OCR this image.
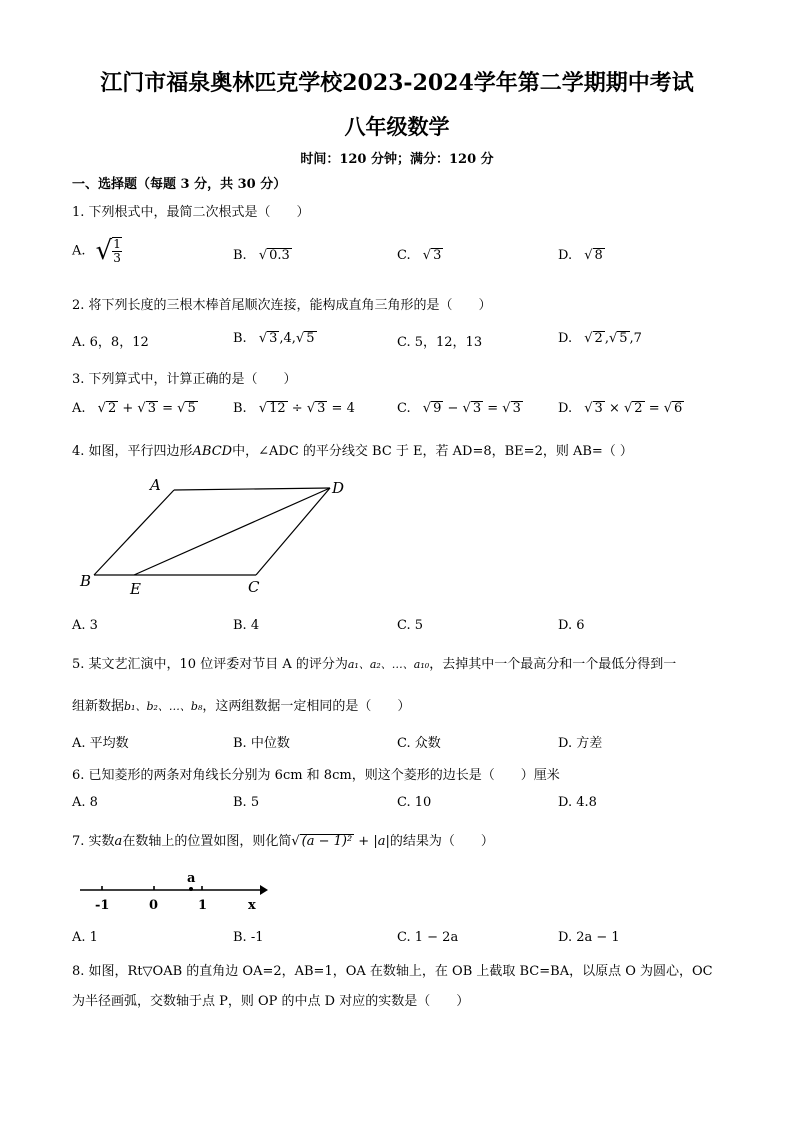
江门市福泉奥林匹克学校2023-2024学年第二学期期中考试
八年级数学
时间：120 分钟；满分：120 分
一、选择题（每题 3 分，共 30 分）
1. 下列根式中，最简二次根式是（　　）
A. √ $\frac{1}{3}$	B. √ 0.3	C. √ 3	D. √ 8
2. 将下列长度的三根木棒首尾顺次连接，能构成直角三角形的是（　　）
A. 6，8，12	B. √ 3 ,4,√ 5	C. 5，12，13	D. √ 2 ,√ 5 ,7
3. 下列算式中，计算正确的是（　　）
A. √ 2 + √ 3 = √ 5	B. √ 12 ÷ √ 3 = 4	C. √ 9 − √ 3 = √ 3	D. √ 3 × √ 2 = √ 6
4. 如图，平行四边形ABCD中，∠ADC 的平分线交 BC 于 E，若 AD=8，BE=2，则 AB=（ ）
A	D
B	E	C
A. 3	B. 4	C. 5	D. 6
5. 某文艺汇演中，10 位评委对节目 A 的评分为a₁、a₂、…、a₁₀，去掉其中一个最高分和一个最低分得到一
组新数据b₁、b₂、…、b₈，这两组数据一定相同的是（　　）
A. 平均数	B. 中位数	C. 众数	D. 方差
6. 已知菱形的两条对角线长分别为 6cm 和 8cm，则这个菱形的边长是（　　）厘米
A. 8	B. 5	C. 10	D. 4.8
7. 实数a在数轴上的位置如图，则化简√ (a − 1)² + |a|的结果为（　　）
a
-1	0	1	x
A. 1	B. -1	C. 1 − 2a	D. 2a − 1
8. 如图，Rt▽OAB 的直角边 OA=2，AB=1，OA 在数轴上，在 OB 上截取 BC=BA，以原点 O 为圆心，OC
为半径画弧，交数轴于点 P，则 OP 的中点 D 对应的实数是（　　）
